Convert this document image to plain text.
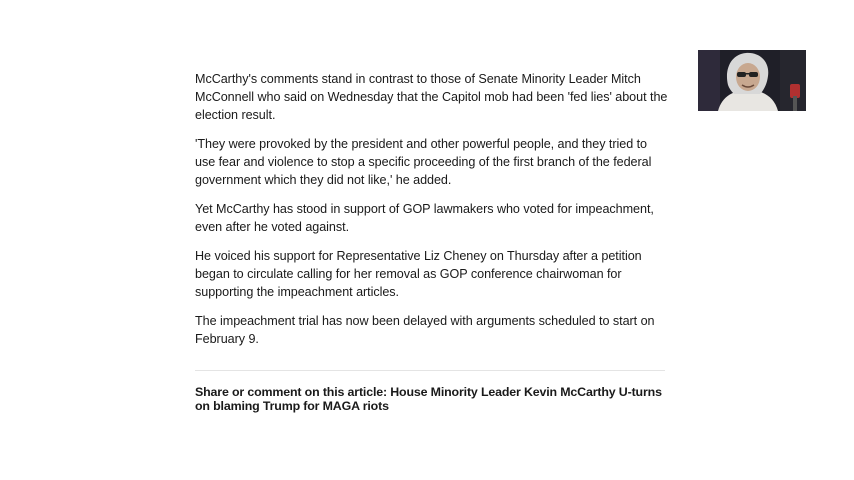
McCarthy's comments stand in contrast to those of Senate Minority Leader Mitch McConnell who said on Wednesday that the Capitol mob had been 'fed lies' about the election result.

'They were provoked by the president and other powerful people, and they tried to use fear and violence to stop a specific proceeding of the first branch of the federal government which they did not like,' he added.

Yet McCarthy has stood in support of GOP lawmakers who voted for impeachment, even after he voted against.

He voiced his support for Representative Liz Cheney on Thursday after a petition began to circulate calling for her removal as GOP conference chairwoman for supporting the impeachment articles.

The impeachment trial has now been delayed with arguments scheduled to start on February 9.

Share or comment on this article: House Minority Leader Kevin McCarthy U-turns on blaming Trump for MAGA riots
